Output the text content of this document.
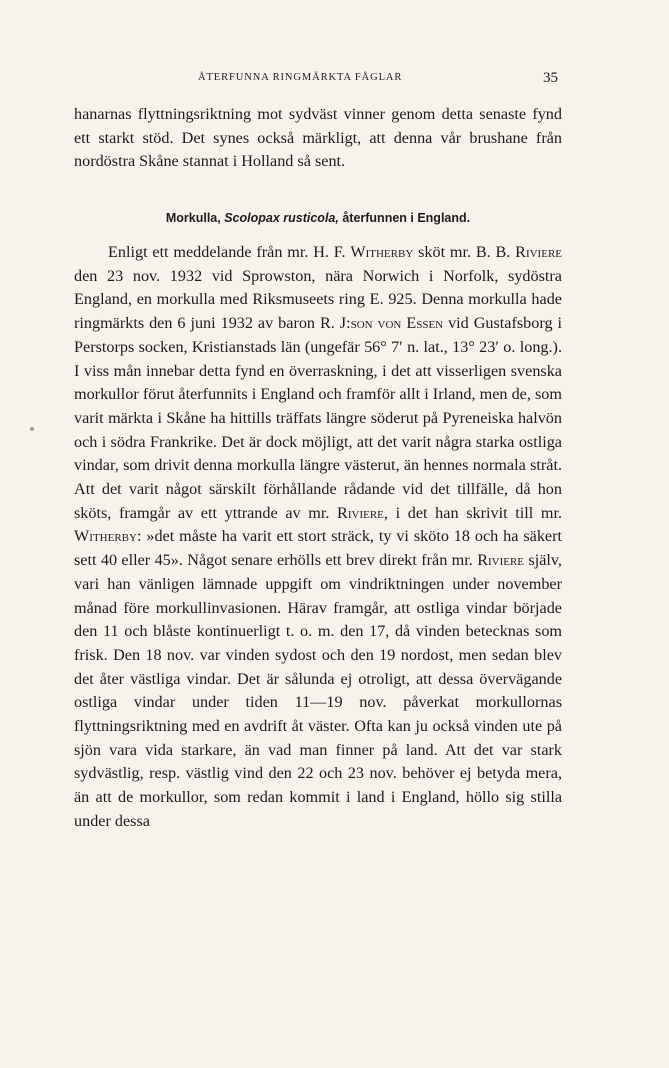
ÅTERFUNNA RINGMÄRKTA FÅGLAR	35
hanarnas flyttningsriktning mot sydväst vinner genom detta senaste fynd ett starkt stöd. Det synes också märkligt, att denna vår brushane från nordöstra Skåne stannat i Holland så sent.
Morkulla, Scolopax rusticola, återfunnen i England.
Enligt ett meddelande från mr. H. F. Witherby sköt mr. B. B. Riviere den 23 nov. 1932 vid Sprowston, nära Norwich i Norfolk, sydöstra England, en morkulla med Riksmuseets ring E. 925. Denna morkulla hade ringmärkts den 6 juni 1932 av baron R. J:son von Essen vid Gustafsborg i Perstorps socken, Kristianstads län (ungefär 56° 7′ n. lat., 13° 23′ o. long.). I viss mån innebar detta fynd en överraskning, i det att visserligen svenska morkullor förut återfunnits i England och framför allt i Irland, men de, som varit märkta i Skåne ha hittills träffats längre söderut på Pyreneiska halvön och i södra Frankrike. Det är dock möjligt, att det varit några starka ostliga vindar, som drivit denna morkulla längre västerut, än hennes normala stråt. Att det varit något särskilt förhållande rådande vid det tillfälle, då hon sköts, framgår av ett yttrande av mr. Riviere, i det han skrivit till mr. Witherby: »det måste ha varit ett stort sträck, ty vi sköto 18 och ha säkert sett 40 eller 45». Något senare erhölls ett brev direkt från mr. Riviere själv, vari han vänligen lämnade uppgift om vindriktningen under november månad före morkullinvasionen. Härav framgår, att ostliga vindar började den 11 och blåste kontinuerligt t. o. m. den 17, då vinden betecknas som frisk. Den 18 nov. var vinden sydost och den 19 nordost, men sedan blev det åter västliga vindar. Det är sålunda ej otroligt, att dessa övervägande ostliga vindar under tiden 11—19 nov. påverkat morkullornas flyttningsriktning med en avdrift åt väster. Ofta kan ju också vinden ute på sjön vara vida starkare, än vad man finner på land. Att det var stark sydvästlig, resp. västlig vind den 22 och 23 nov. behöver ej betyda mera, än att de morkullor, som redan kommit i land i England, höllo sig stilla under dessa
